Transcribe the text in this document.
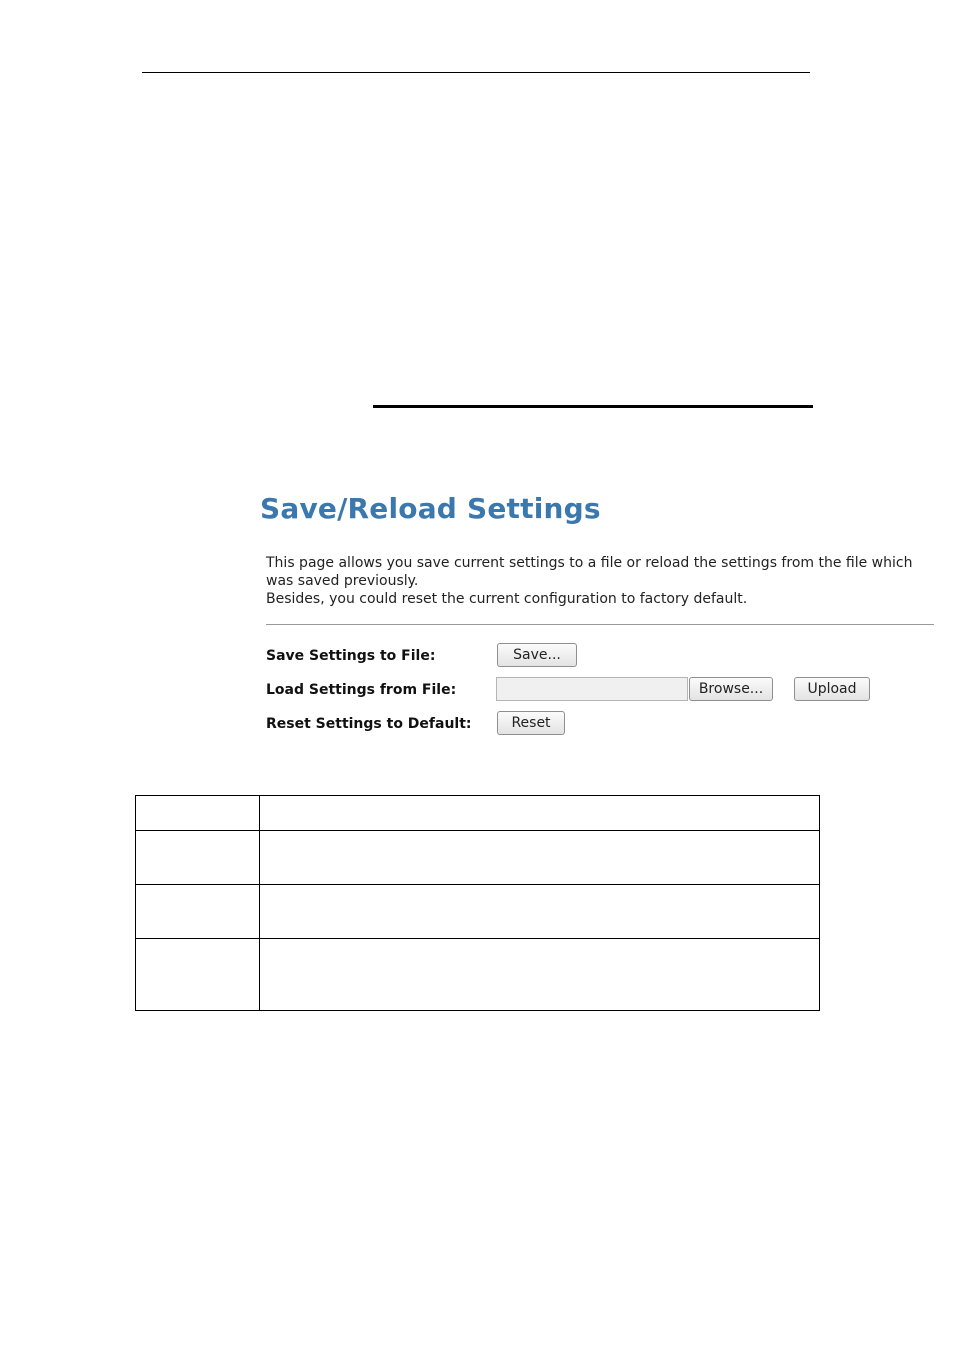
Save/Reload Settings

This page allows you save current settings to a file or reload the settings from the file which was saved previously.

Besides, you could reset the current configuration to factory default.

Save Settings to File:	Save...
Load Settings from File:	Browse...	Upload
Reset Settings to Default:	Reset
